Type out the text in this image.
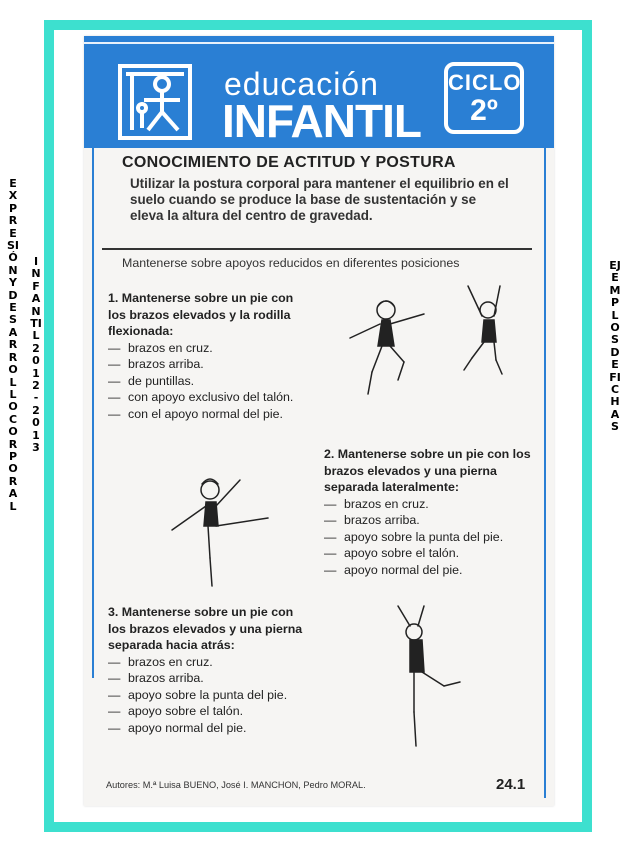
EXPRESIÓN Y DESARROLLO CORPORAL
INFANTIL 2012-2013
EJEMPLOS DE FICHAS
educación
INFANTIL
CICLO
2º
CONOCIMIENTO DE ACTITUD Y POSTURA
Utilizar la postura corporal para mantener el equilibrio en el suelo cuando se produce la base de sustentación y se eleva la altura del centro de gravedad.
Mantenerse sobre apoyos reducidos en diferentes posiciones
1. Mantenerse sobre un pie con los brazos elevados y la rodilla flexionada:
— brazos en cruz.
— brazos arriba.
— de puntillas.
— con apoyo exclusivo del talón.
— con el apoyo normal del pie.
2. Mantenerse sobre un pie con los brazos elevados y una pierna separada lateralmente:
— brazos en cruz.
— brazos arriba.
— apoyo sobre la punta del pie.
— apoyo sobre el talón.
— apoyo normal del pie.
3. Mantenerse sobre un pie con los brazos elevados y una pierna separada hacia atrás:
— brazos en cruz.
— brazos arriba.
— apoyo sobre la punta del pie.
— apoyo sobre el talón.
— apoyo normal del pie.
Autores: M.ª Luisa BUENO, José I. MANCHON, Pedro MORAL.	24.1
